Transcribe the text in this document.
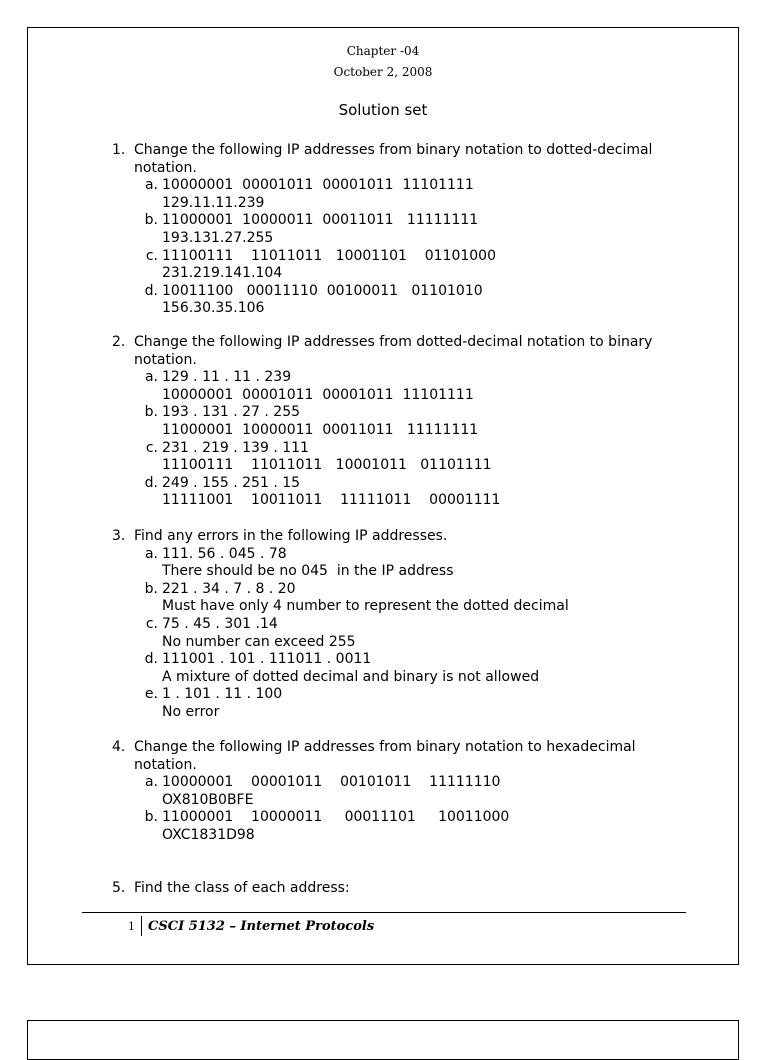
Chapter -04
October 2, 2008
Solution set
1. Change the following IP addresses from binary notation to dotted-decimal notation.
a. 10000001  00001011  00001011  11101111
129.11.11.239
b. 11000001  10000011  00011011   11111111
193.131.27.255
c. 11100111    11011011   10001101    01101000
231.219.141.104
d. 10011100   00011110  00100011   01101010
156.30.35.106
2. Change the following IP addresses from dotted-decimal notation to binary notation.
a. 129 . 11 . 11 . 239
10000001  00001011  00001011  11101111
b. 193 . 131 . 27 . 255
11000001  10000011  00011011   11111111
c. 231 . 219 . 139 . 111
11100111    11011011   10001011   01101111
d. 249 . 155 . 251 . 15
11111001    10011011    11111011    00001111
3. Find any errors in the following IP addresses.
a. 111. 56 . 045 . 78
There should be no 045  in the IP address
b. 221 . 34 . 7 . 8 . 20
Must have only 4 number to represent the dotted decimal
c. 75 . 45 . 301 .14
No number can exceed 255
d. 111001 . 101 . 111011 . 0011
A mixture of dotted decimal and binary is not allowed
e. 1 . 101 . 11 . 100
No error
4. Change the following IP addresses from binary notation to hexadecimal notation.
a. 10000001    00001011    00101011    11111110
OX810B0BFE
b. 11000001    10000011     00011101     10011000
OXC1831D98
5. Find the class of each address:
1	CSCI 5132 – Internet Protocols
